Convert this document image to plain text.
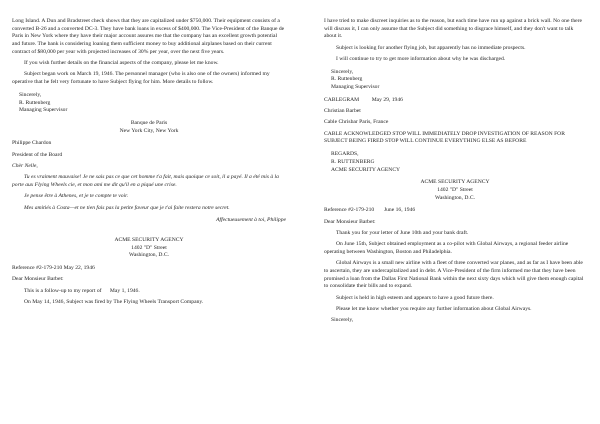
Long Island. A Dun and Bradstreet check shows that they are capitalized under $750,000. Their equipment consists of a converted B-26 and a converted DC-3. They have bank loans in excess of $400,000. The Vice-President of the Banque de Paris in New York where they have their major account assures me that the company has an excellent growth potential and future. The bank is considering loaning them sufficient money to buy additional airplanes based on their current contract of $80,000 per year with projected increases of 30% per year, over the next five years.

If you wish further details on the financial aspects of the company, please let me know.

Subject began work on March 19, 1946. The personnel manager (who is also one of the owners) informed my operative that he felt very fortunate to have Subject flying for him. More details to follow.

Sincerely,

R. Ruttenberg

Managing Supervisor

Banque de Paris

New York City, New York

Philippe Chardon

President of the Board

Chèr Nelle,

Tu es vraiment mauvaise! Je ne sais pas ce que cet homme t'a fait, mais quoique ce soit, il a payé. Il a été mis à la porte aux Flying Wheels cie, et mon ami me dit qu'il en a piqué une crise.

Je pense être à Athenes, et je te compte te voir.

Mes amitiés à Costa—et ne tien fais pas la petite faveur que je t'ai faite restera notre secret.

Affectueusement à toi, Philippe

ACME SECURITY AGENCY

1402 "D" Street

Washington, D.C.

Reference #2-179-210 May 22, 1946

Dear Monsieur Barbet:

This is a follow-up to my report of      May 1, 1946.

On May 14, 1946, Subject was fired by The Flying Wheels Transport Company.

I have tried to make discreet inquiries as to the reason, but each time have run up against a brick wall. No one there will discuss it, I can only assume that the Subject did something to disgrace himself, and they don't want to talk about it.

Subject is looking for another flying job, but apparently has no immediate prospects.

I will continue to try to get more information about why he was discharged.

Sincerely,

R. Ruttenberg

Managing Supervisor

CABLEGRAM         May 29, 1946

Christian Barbet

Cable Chrisbar Paris, France

CABLE ACKNOWLEDGED STOP WILL IMMEDIATELY DROP INVESTIGATION OF REASON FOR SUBJECT BEING FIRED STOP WILL CONTINUE EVERYTHING ELSE AS BEFORE

REGARDS,

R. RUTTENBERG

ACME SECURITY AGENCY

ACME SECURITY AGENCY

1402 "D" Street

Washington, D.C.

Reference #2-179-210       June 16, 1946

Dear Monsieur Barbet:

Thank you for your letter of June 10th and your bank draft.

On June 15th, Subject obtained employment as a co-pilot with Global Airways, a regional feeder airline operating between Washington, Boston and Philadelphia.

Global Airways is a small new airline with a fleet of three converted war planes, and as far as I have been able to ascertain, they are undercapitalized and in debt. A Vice-President of the firm informed me that they have been promised a loan from the Dallas First National Bank within the next sixty days which will give them enough capital to consolidate their bills and to expand.

Subject is held in high esteem and appears to have a good future there.

Please let me know whether you require any further information about Global Airways.

Sincerely,
